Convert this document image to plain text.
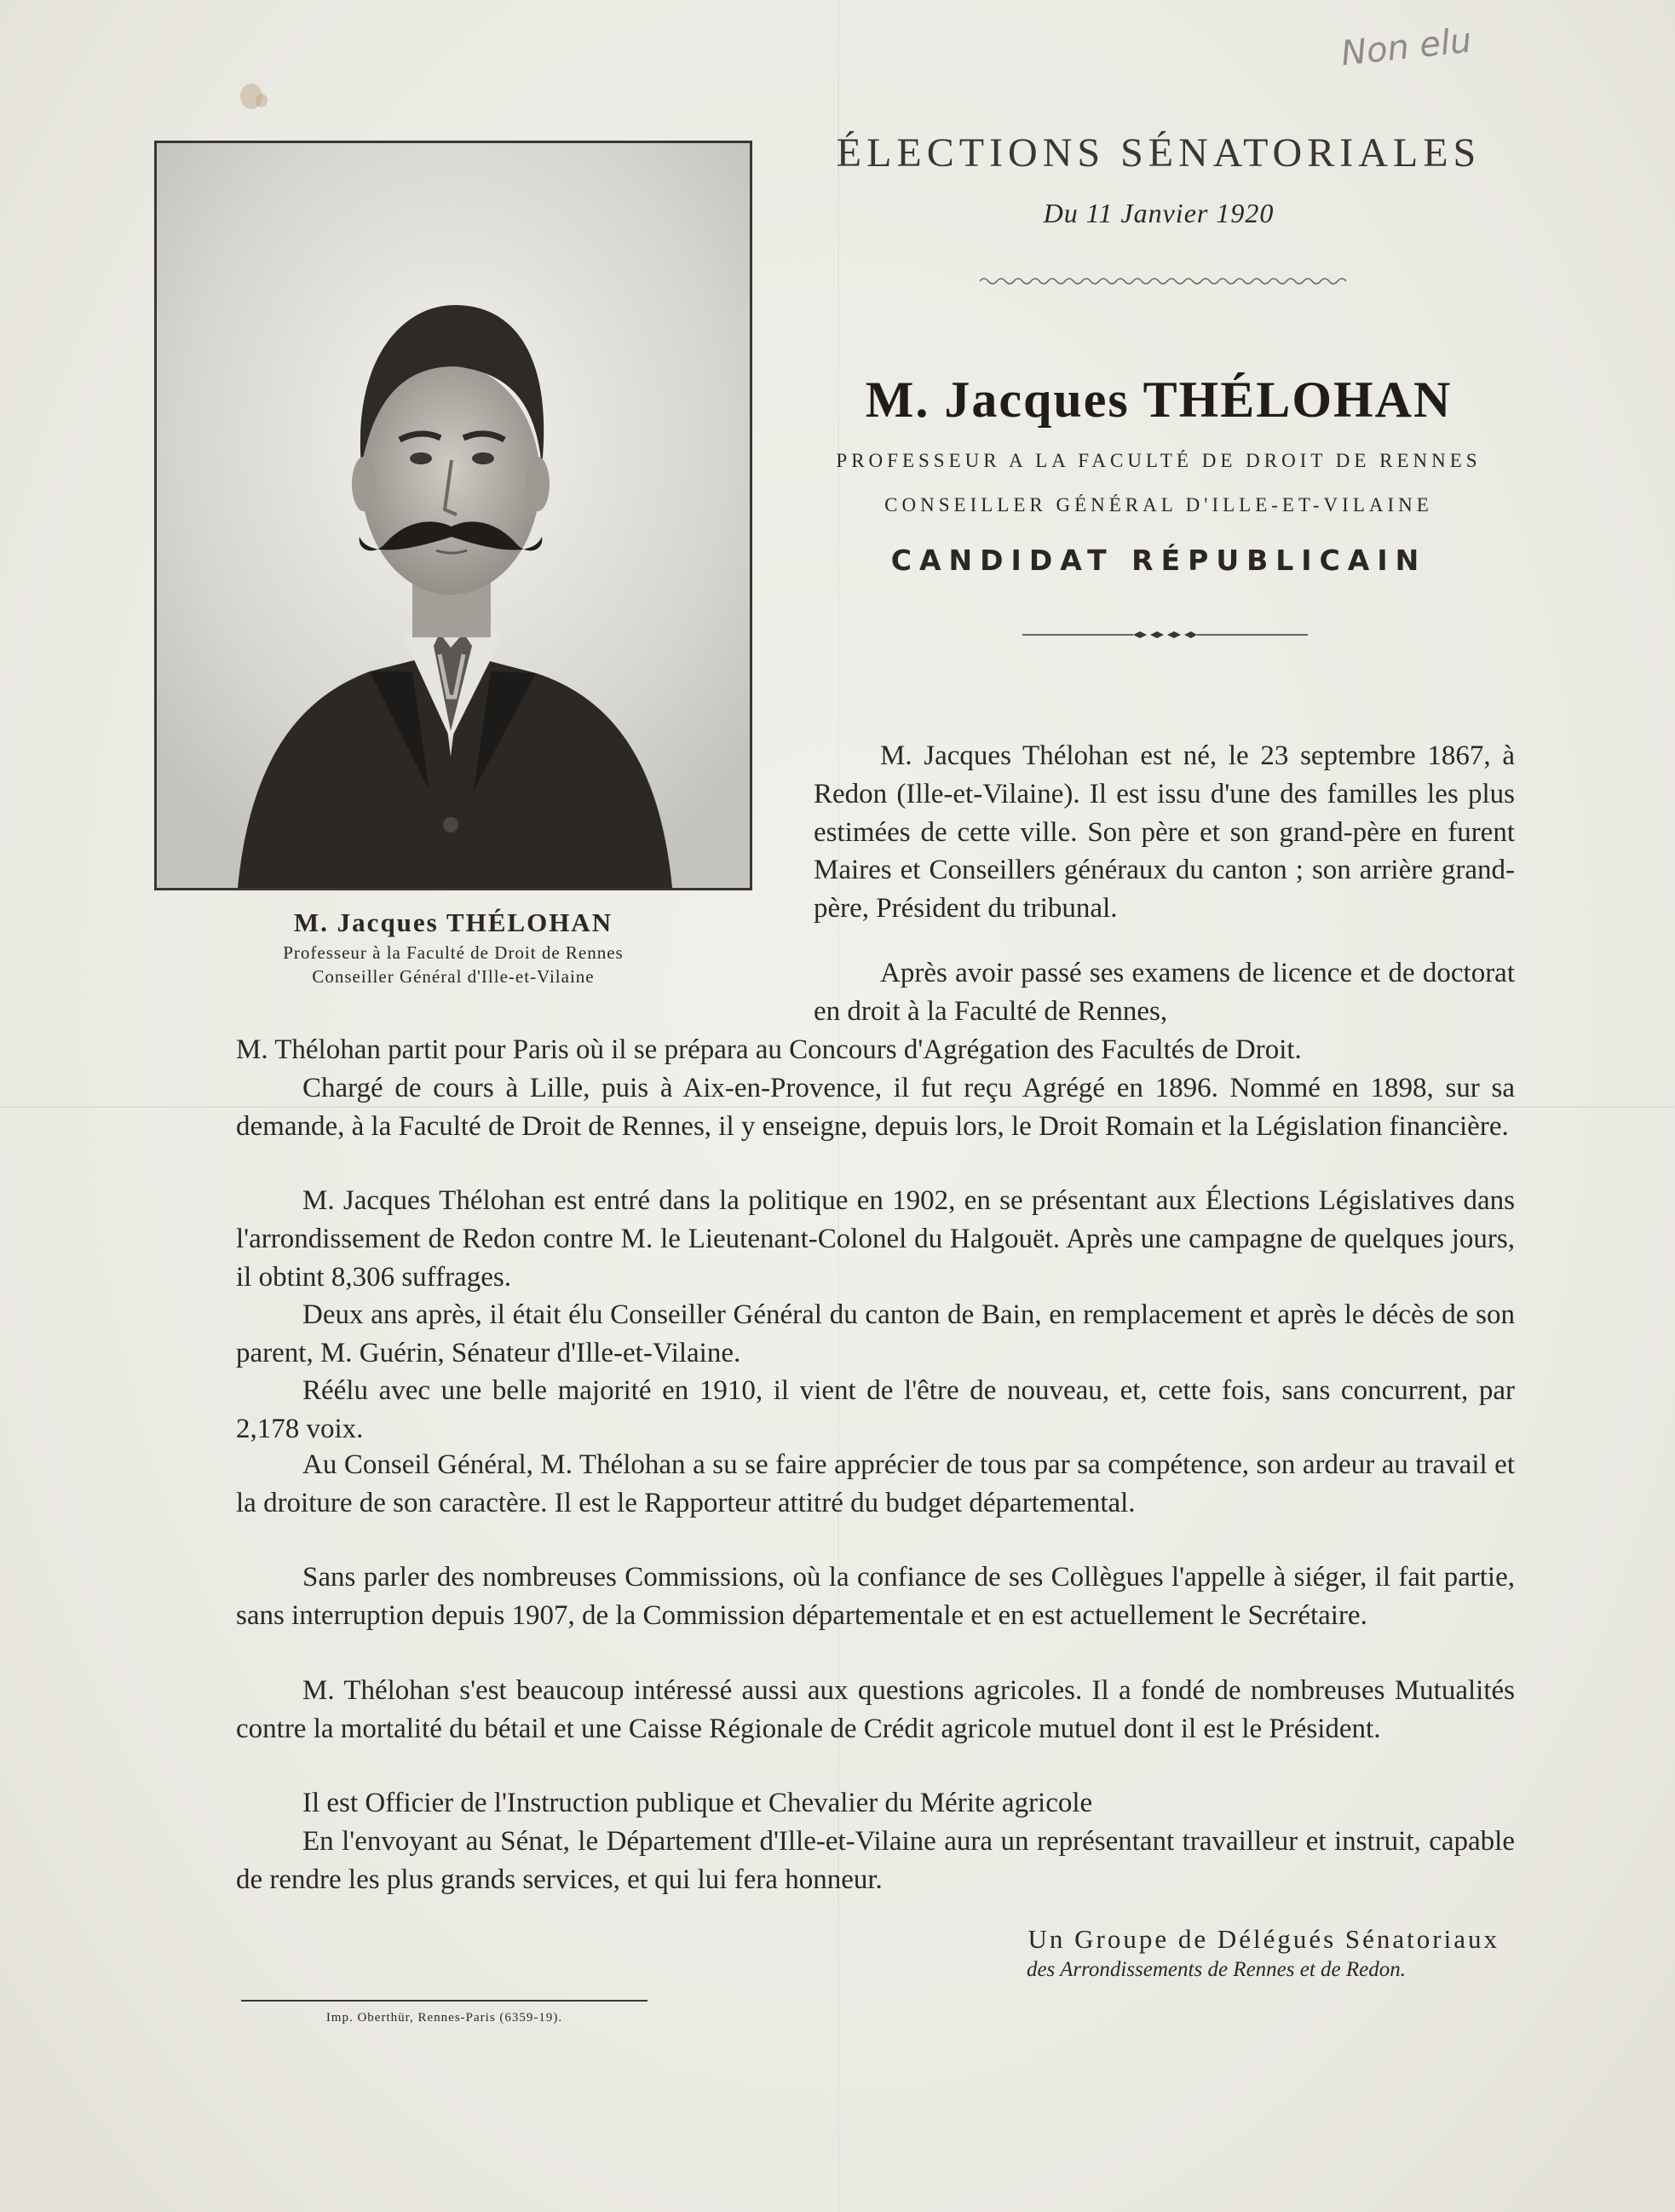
Non elu
M. Jacques THÉLOHAN
Professeur à la Faculté de Droit de Rennes
Conseiller Général d'Ille-et-Vilaine
ÉLECTIONS SÉNATORIALES
Du 11 Janvier 1920
M. Jacques THÉLOHAN
PROFESSEUR A LA FACULTÉ DE DROIT DE RENNES
CONSEILLER GÉNÉRAL D'ILLE-ET-VILAINE
CANDIDAT RÉPUBLICAIN

M. Jacques Thélohan est né, le 23 septembre 1867, à Redon (Ille-et-Vilaine). Il est issu d'une des familles les plus estimées de cette ville. Son père et son grand-père en furent Maires et Conseillers généraux du canton ; son arrière grand-père, Président du tribunal.

Après avoir passé ses examens de licence et de doctorat en droit à la Faculté de Rennes,

M. Thélohan partit pour Paris où il se prépara au Concours d'Agrégation des Facultés de Droit.

Chargé de cours à Lille, puis à Aix-en-Provence, il fut reçu Agrégé en 1896. Nommé en 1898, sur sa demande, à la Faculté de Droit de Rennes, il y enseigne, depuis lors, le Droit Romain et la Législation financière.

M. Jacques Thélohan est entré dans la politique en 1902, en se présentant aux Élections Législatives dans l'arrondissement de Redon contre M. le Lieutenant-Colonel du Halgouët. Après une campagne de quelques jours, il obtint 8,306 suffrages.

Deux ans après, il était élu Conseiller Général du canton de Bain, en remplacement et après le décès de son parent, M. Guérin, Sénateur d'Ille-et-Vilaine.

Réélu avec une belle majorité en 1910, il vient de l'être de nouveau, et, cette fois, sans concurrent, par 2,178 voix.

Au Conseil Général, M. Thélohan a su se faire apprécier de tous par sa compétence, son ardeur au travail et la droiture de son caractère. Il est le Rapporteur attitré du budget départemental.

Sans parler des nombreuses Commissions, où la confiance de ses Collègues l'appelle à siéger, il fait partie, sans interruption depuis 1907, de la Commission départementale et en est actuellement le Secrétaire.

M. Thélohan s'est beaucoup intéressé aussi aux questions agricoles. Il a fondé de nombreuses Mutualités contre la mortalité du bétail et une Caisse Régionale de Crédit agricole mutuel dont il est le Président.

Il est Officier de l'Instruction publique et Chevalier du Mérite agricole

En l'envoyant au Sénat, le Département d'Ille-et-Vilaine aura un représentant travailleur et instruit, capable de rendre les plus grands services, et qui lui fera honneur.

Un Groupe de Délégués Sénatoriaux
des Arrondissements de Rennes et de Redon.
Imp. Oberthür, Rennes-Paris (6359-19).
